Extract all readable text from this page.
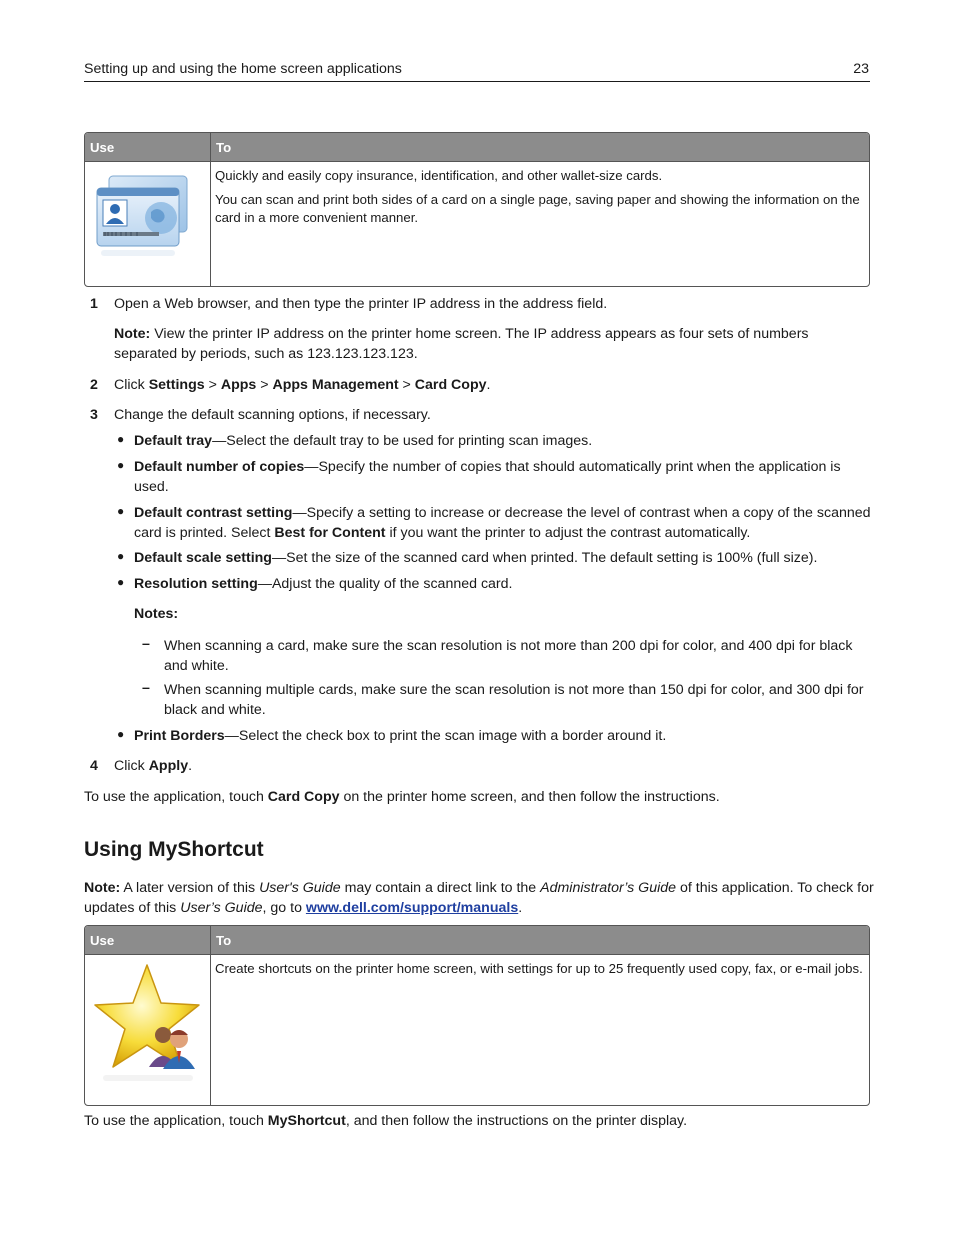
Setting up and using the home screen applications	23
Use	To

Quickly and easily copy insurance, identification, and other wallet-size cards.

You can scan and print both sides of a card on a single page, saving paper and showing the information on the card in a more convenient manner.

1 Open a Web browser, and then type the printer IP address in the address field.
Note: View the printer IP address on the printer home screen. The IP address appears as four sets of numbers separated by periods, such as 123.123.123.123.
2 Click Settings > Apps > Apps Management > Card Copy.
3 Change the default scanning options, if necessary.
● Default tray—Select the default tray to be used for printing scan images.
● Default number of copies—Specify the number of copies that should automatically print when the application is used.
● Default contrast setting—Specify a setting to increase or decrease the level of contrast when a copy of the scanned card is printed. Select Best for Content if you want the printer to adjust the contrast automatically.
● Default scale setting—Set the size of the scanned card when printed. The default setting is 100% (full size).
● Resolution setting—Adjust the quality of the scanned card.
Notes:
– When scanning a card, make sure the scan resolution is not more than 200 dpi for color, and 400 dpi for black and white.
– When scanning multiple cards, make sure the scan resolution is not more than 150 dpi for color, and 300 dpi for black and white.
● Print Borders—Select the check box to print the scan image with a border around it.
4 Click Apply.
To use the application, touch Card Copy on the printer home screen, and then follow the instructions.
Using MyShortcut
Note: A later version of this User's Guide may contain a direct link to the Administrator’s Guide of this application. To check for updates of this User’s Guide, go to www.dell.com/support/manuals.
Use	To

Create shortcuts on the printer home screen, with settings for up to 25 frequently used copy, fax, or e-mail jobs.

To use the application, touch MyShortcut, and then follow the instructions on the printer display.
